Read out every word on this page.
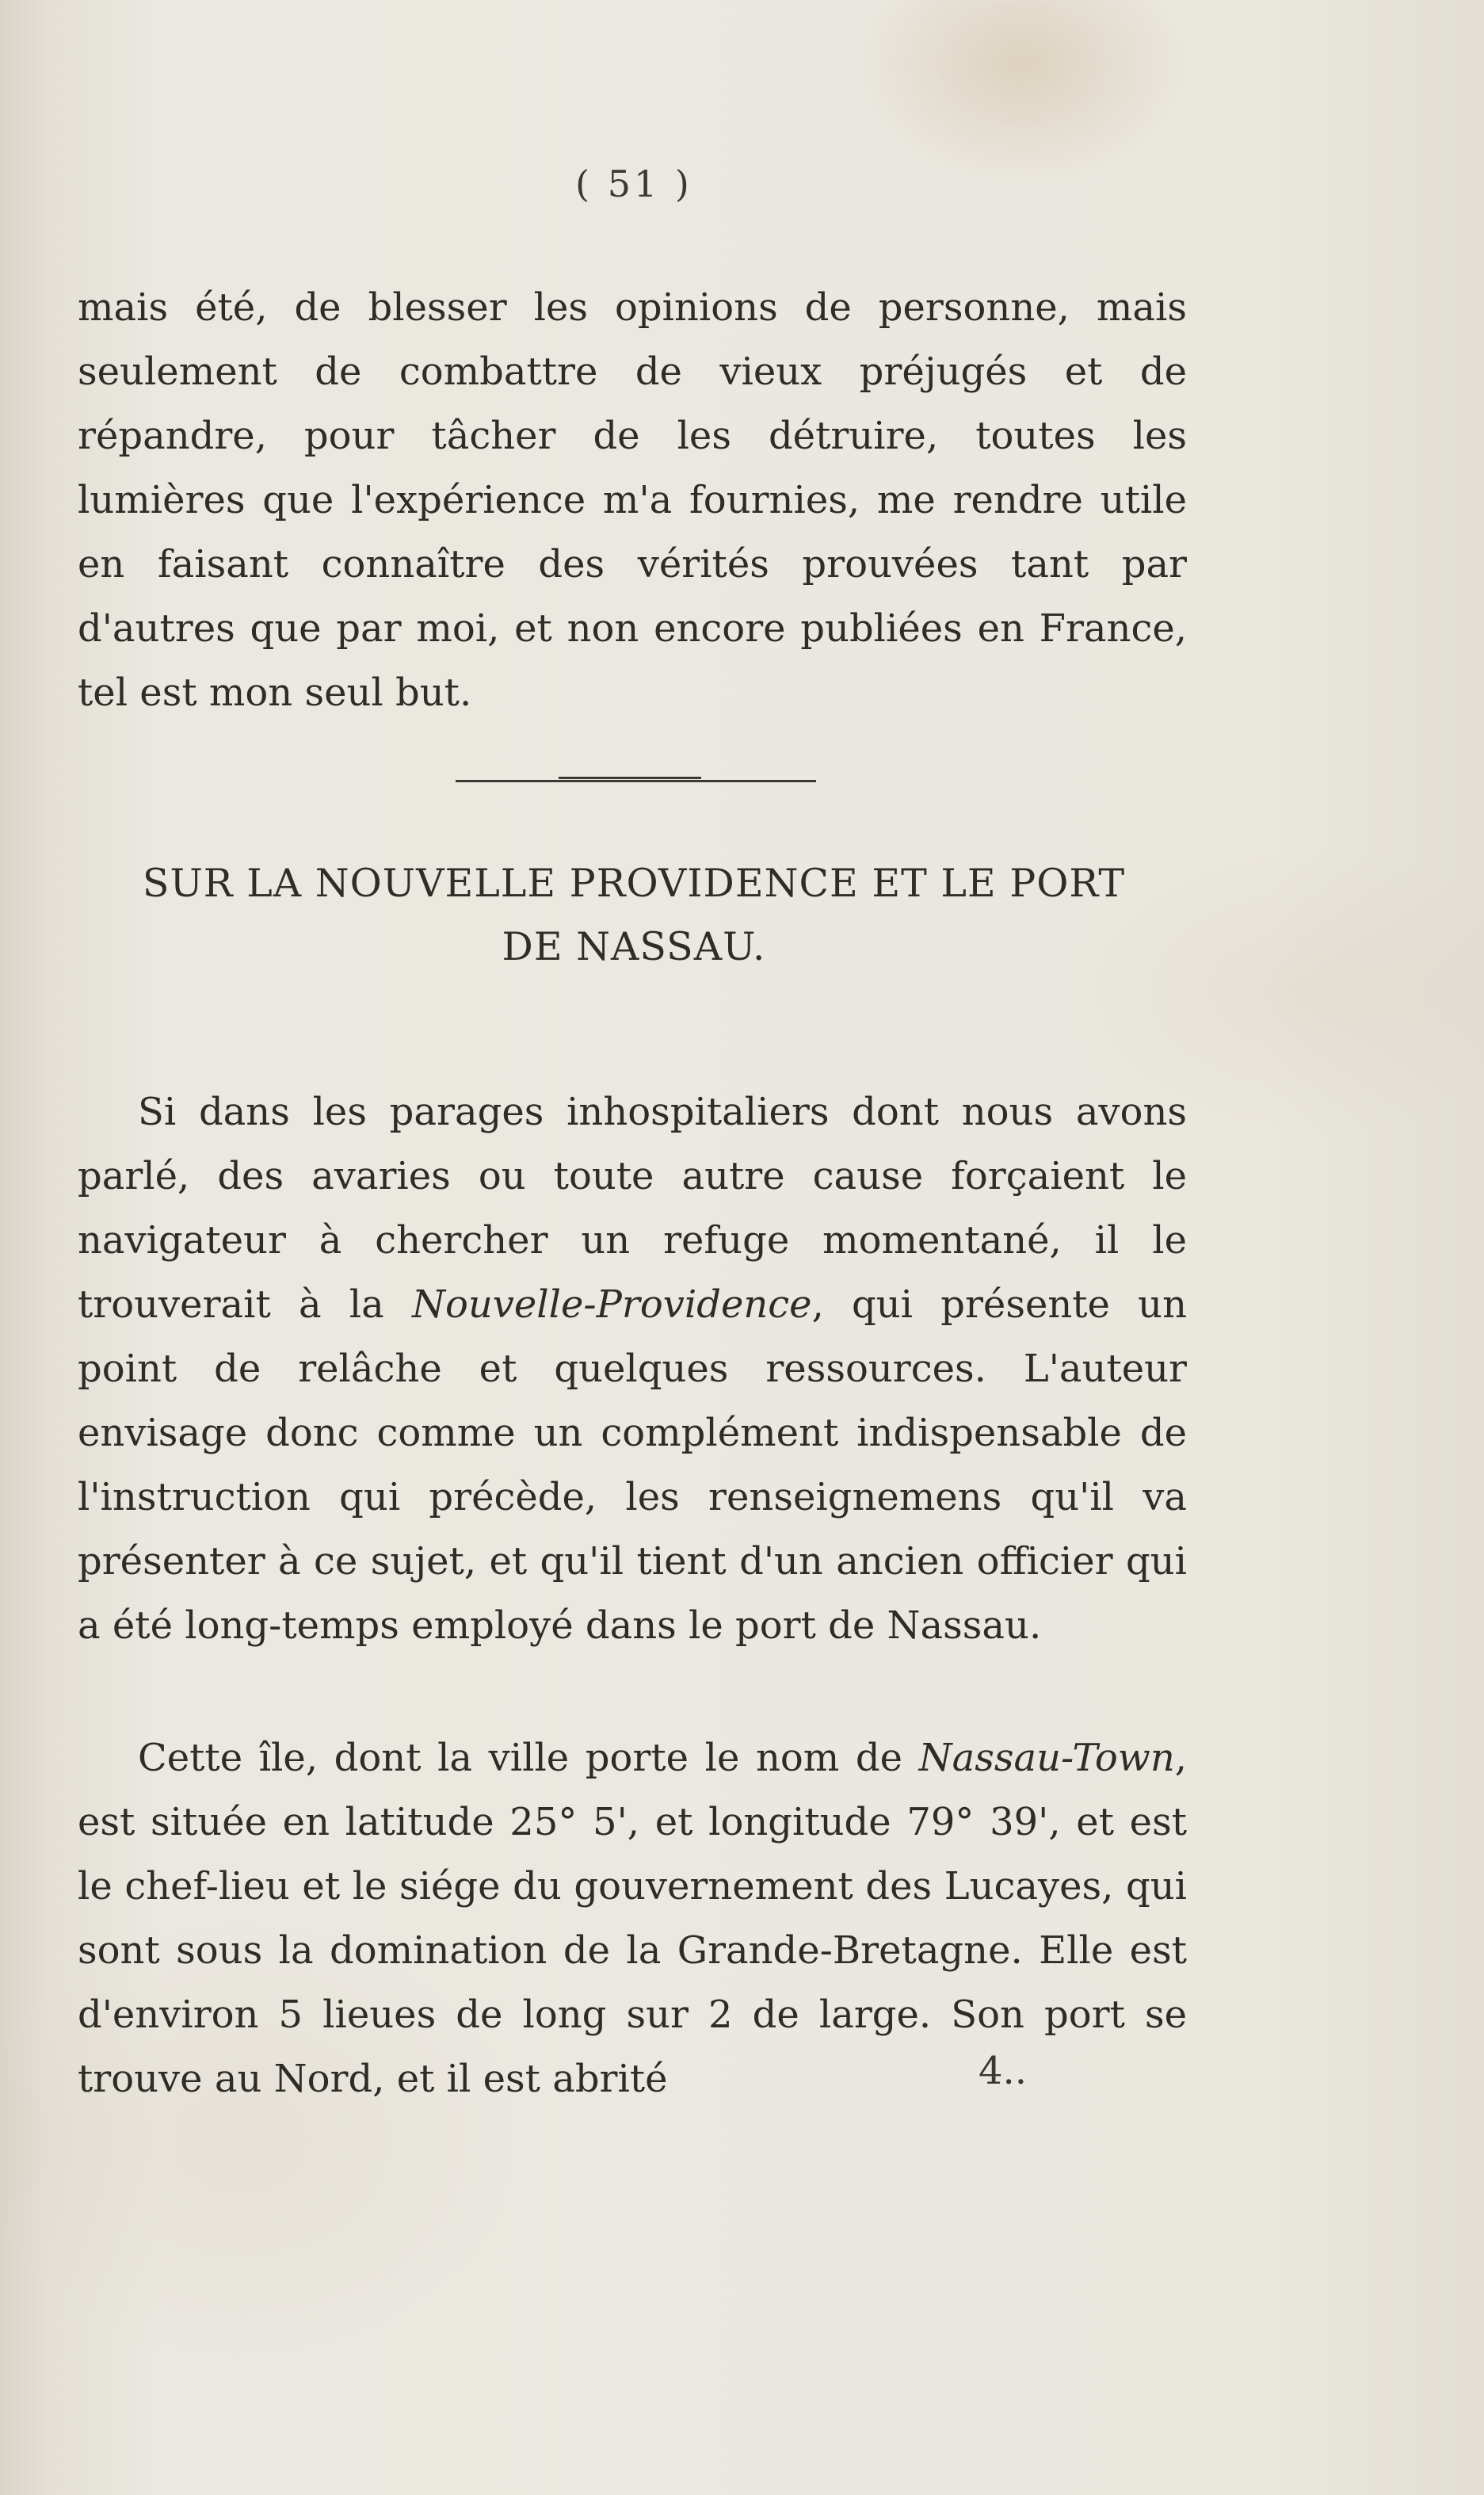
( 51 )

mais été, de blesser les opinions de personne, mais seulement de combattre de vieux préjugés et de répandre, pour tâcher de les détruire, toutes les lumières que l'expérience m'a fournies, me rendre utile en faisant connaître des vérités prouvées tant par d'autres que par moi, et non encore publiées en France, tel est mon seul but.

SUR LA NOUVELLE PROVIDENCE ET LE PORT DE NASSAU.

Si dans les parages inhospitaliers dont nous avons parlé, des avaries ou toute autre cause forçaient le navigateur à chercher un refuge momentané, il le trouverait à la Nouvelle-Providence, qui présente un point de relâche et quelques ressources. L'auteur envisage donc comme un complément indispensable de l'instruction qui précède, les renseignemens qu'il va présenter à ce sujet, et qu'il tient d'un ancien officier qui a été long-temps employé dans le port de Nassau.

Cette île, dont la ville porte le nom de Nassau-Town, est située en latitude 25° 5', et longitude 79° 39', et est le chef-lieu et le siége du gouvernement des Lucayes, qui sont sous la domination de la Grande-Bretagne. Elle est d'environ 5 lieues de long sur 2 de large. Son port se trouve au Nord, et il est abrité	4..
